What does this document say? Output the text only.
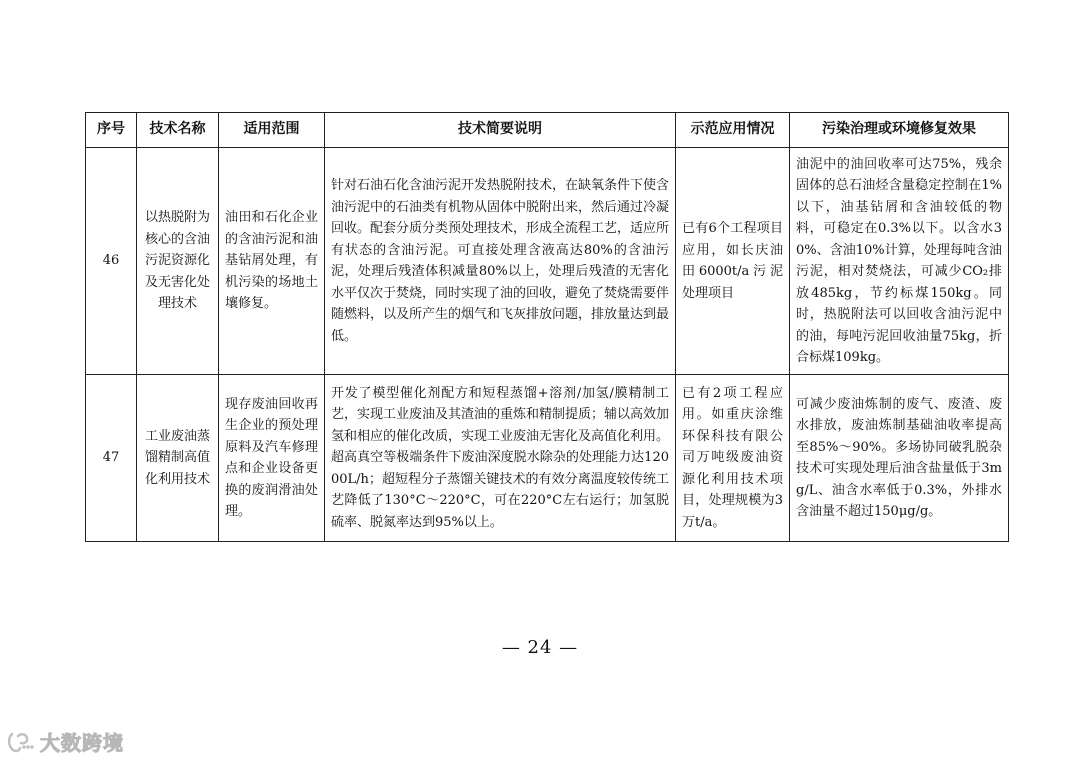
序号	技术名称	适用范围	技术简要说明	示范应用情况	污染治理或环境修复效果
46	以热脱附为核心的含油污泥资源化及无害化处理技术	油田和石化企业的含油污泥和油基钻屑处理，有机污染的场地土壤修复。	针对石油石化含油污泥开发热脱附技术，在缺氧条件下使含油污泥中的石油类有机物从固体中脱附出来，然后通过冷凝回收。配套分质分类预处理技术，形成全流程工艺，适应所有状态的含油污泥。可直接处理含液高达80%的含油污泥，处理后残渣体积减量80%以上，处理后残渣的无害化水平仅次于焚烧，同时实现了油的回收，避免了焚烧需要伴随燃料，以及所产生的烟气和飞灰排放问题，排放量达到最低。	已有6个工程项目应用，如长庆油田6000t/a污泥处理项目	油泥中的油回收率可达75%，残余固体的总石油烃含量稳定控制在1%以下，油基钻屑和含油较低的物料，可稳定在0.3%以下。以含水30%、含油10%计算，处理每吨含油污泥，相对焚烧法，可减少CO₂排放485kg，节约标煤150kg。同时，热脱附法可以回收含油污泥中的油，每吨污泥回收油量75kg，折合标煤109kg。
47	工业废油蒸馏精制高值化利用技术	现存废油回收再生企业的预处理原料及汽车修理点和企业设备更换的废润滑油处理。	开发了模型催化剂配方和短程蒸馏+溶剂/加氢/膜精制工艺，实现工业废油及其渣油的重炼和精制提质；辅以高效加氢和相应的催化改质，实现工业废油无害化及高值化利用。超高真空等极端条件下废油深度脱水除杂的处理能力达12000L/h；超短程分子蒸馏关键技术的有效分离温度较传统工艺降低了130°C～220°C，可在220°C左右运行；加氢脱硫率、脱氮率达到95%以上。	已有2项工程应用。如重庆涂维环保科技有限公司万吨级废油资源化利用技术项目，处理规模为3万t/a。	可减少废油炼制的废气、废渣、废水排放，废油炼制基础油收率提高至85%～90%。多场协同破乳脱杂技术可实现处理后油含盐量低于3mg/L、油含水率低于0.3%，外排水含油量不超过150μg/g。
— 24 —
大数跨境
